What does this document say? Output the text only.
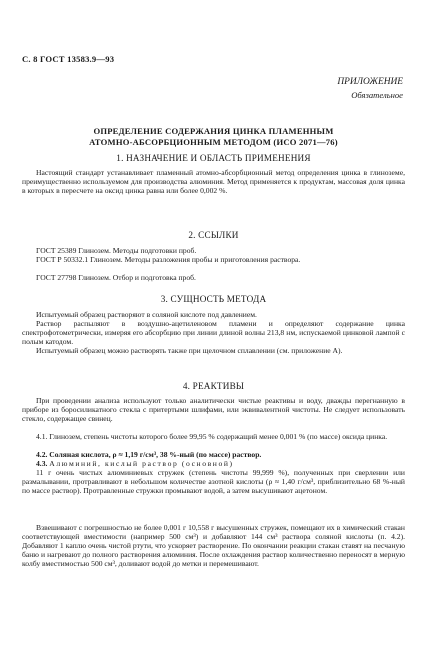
С. 8 ГОСТ 13583.9—93
ПРИЛОЖЕНИЕ
Обязательное
ОПРЕДЕЛЕНИЕ СОДЕРЖАНИЯ ЦИНКА ПЛАМЕННЫМ
АТОМНО-АБСОРБЦИОННЫМ МЕТОДОМ (ИСО 2071—76)
1. НАЗНАЧЕНИЕ И ОБЛАСТЬ ПРИМЕНЕНИЯ
Настоящий стандарт устанавливает пламенный атомно-абсорбционный метод определения цинка в глиноземе, преимущественно используемом для производства алюминия. Метод применяется к продуктам, массовая доля цинка в которых в пересчете на оксид цинка равна или более 0,002 %.
2. ССЫЛКИ
ГОСТ 25389 Глинозем. Методы подготовки проб.
ГОСТ Р 50332.1 Глинозем. Методы разложения пробы и приготовления раствора.
ГОСТ 27798 Глинозем. Отбор и подготовка проб.
3. СУЩНОСТЬ МЕТОДА
Испытуемый образец растворяют в соляной кислоте под давлением.
Раствор распыляют в воздушно-ацетиленовом пламени и определяют содержание цинка спектрофотометрически, измеряя его абсорбцию при линии длиной волны 213,8 нм, испускаемой цинковой лампой с полым катодом.
Испытуемый образец можно растворять также при щелочном сплавлении (см. приложение А).
4. РЕАКТИВЫ
При проведении анализа используют только аналитически чистые реактивы и воду, дважды перегнанную в приборе из боросиликатного стекла с притертыми шлифами, или эквивалентной чистоты. Не следует использовать стекло, содержащее свинец.
4.1. Глинозем, степень чистоты которого более 99,95 % содержащий менее 0,001 % (по массе) оксида цинка.
4.2. Соляная кислота, ρ ≈ 1,19 г/см³, 38 %-ный (по массе) раствор.
4.3. Алюминий, кислый раствор (основной)
11 г очень чистых алюминиевых стружек (степень чистоты 99,999 %), полученных при сверлении или размалывании, протравливают в небольшом количестве азотной кислоты (ρ ≈ 1,40 г/см³, приблизительно 68 %-ный по массе раствор). Протравленные стружки промывают водой, а затем высушивают ацетоном.
Взвешивают с погрешностью не более 0,001 г 10,558 г высушенных стружек, помещают их в химический стакан соответствующей вместимости (например 500 см³) и добавляют 144 см³ раствора соляной кислоты (п. 4.2). Добавляют 1 каплю очень чистой ртути, что ускоряет растворение. По окончании реакции стакан ставят на песчаную баню и нагревают до полного растворения алюминия. После охлаждения раствор количественно переносят в мерную колбу вместимостью 500 см³, доливают водой до метки и перемешивают.
